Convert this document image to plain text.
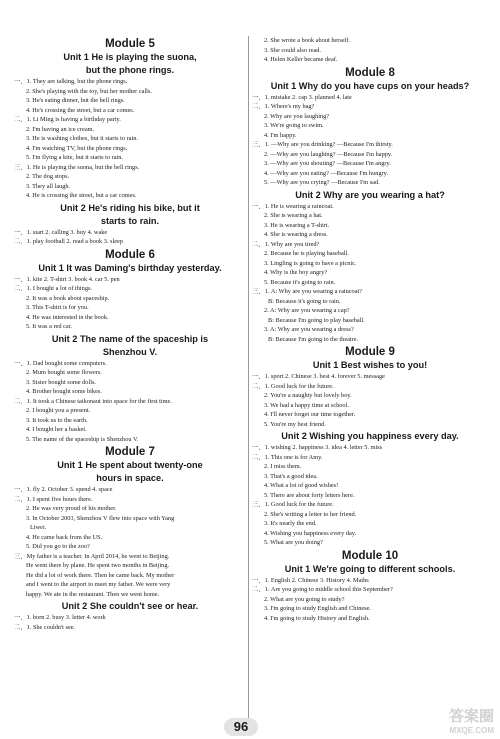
Module 5
Unit 1 He is playing the suona,
but the phone rings.
一、1. They are talking, but the phone rings.
2. She's playing with the toy, but her mother calls.
3. He's eating dinner, but the bell rings.
4. He's crossing the street, but a car comes.
二、1. Li Ming is having a birthday party.
2. I'm having an ice cream.
3. He is washing clothes, but it starts to rain.
4. I'm watching TV, but the phone rings.
5. I'm flying a kite, but it starts to rain.
三、1. He is playing the suona, but the bell rings.
2. The dog stops.
3. They all laugh.
4. He is crossing the street, but a car comes.
Unit 2 He's riding his bike, but it
starts to rain.
一、1. start 2. calling 3. buy 4. wake
二、1. play football 2. read a book 3. sleep
Module 6
Unit 1 It was Daming's birthday yesterday.
一、1. kite 2. T-shirt 3. book 4. car 5. pen
二、1. I bought a lot of things.
2. It was a book about spaceship.
3. This T-shirt is for you.
4. He was interested in the book.
5. It was a red car.
Unit 2 The name of the spaceship is
Shenzhou V.
一、1. Dad bought some computers.
2. Mum bought some flowers.
3. Sister bought some dolls.
4. Brother bought some bikes.
二、1. It took a Chinese taikonaut into space for the first time.
2. I bought you a present.
3. It took us to the earth.
4. I bought her a basket.
5. The name of the spaceship is Shenzhou V.
Module 7
Unit 1 He spent about twenty-one
hours in space.
一、1. fly 2. October 3. spend 4. space
二、1. I spent five hours there.
2. He was very proud of his mother.
3. In October 2003, Shenzhou V flew into space with Yang
Liwei.
4. He came back from the US.
5. Did you go to the zoo?
三、My father is a teacher. In April 2014, he went to Beijing.
He went there by plane. He spent two months in Beijing.
He did a lot of work there. Then he came back. My mother
and I went to the airport to meet my father. We were very
happy. We ate in the restaurant. Then we went home.
Unit 2 She couldn't see or hear.
一、1. born 2. busy 3. letter 4. work
二、1. She couldn't see.
2. She wrote a book about herself.
3. She could also read.
4. Helen Keller became deaf.
Module 8
Unit 1 Why do you have cups on your heads?
一、1. mistake 2. cap 3. planned 4. late
二、1. Where's my bag?
2. Why are you laughing?
3. We're going to swim.
4. I'm happy.
三、1. —Why are you drinking? —Because I'm thirsty.
2. —Why are you laughing? —Because I'm happy.
3. —Why are you shouting? —Because I'm angry.
4. —Why are you eating? —Because I'm hungry.
5. —Why are you crying? —Because I'm sad.
Unit 2 Why are you wearing a hat?
一、1. He is wearing a raincoat.
2. She is wearing a hat.
3. He is wearing a T-shirt.
4. She is wearing a dress.
二、1. Why are you tired?
2. Because he is playing baseball.
3. Lingling is going to have a picnic.
4. Why is the boy angry?
5. Because it's going to rain.
三、1. A: Why are you wearing a raincoat?
B: Because it's going to rain.
2. A: Why are you wearing a cap?
B: Because I'm going to play baseball.
3. A: Why are you wearing a dress?
B: Because I'm going to the theatre.
Module 9
Unit 1 Best wishes to you!
一、1. sport 2. Chinese 3. best 4. forever 5. message
二、1. Good luck for the future.
2. You're a naughty but lovely boy.
3. We had a happy time at school.
4. I'll never forget our time together.
5. You're my best friend.
Unit 2 Wishing you happiness every day.
一、1. wishing 2. happiness 3. idea 4. letter 5. miss
二、1. This one is for Amy.
2. I miss them.
3. That's a good idea.
4. What a lot of good wishes!
5. There are about forty letters here.
三、1. Good luck for the future.
2. She's writing a letter to her friend.
3. It's nearly the end.
4. Wishing you happiness every day.
5. What are you doing?
Module 10
Unit 1 We're going to different schools.
一、1. English 2. Chinese 3. History 4. Maths
二、1. Are you going to middle school this September?
2. What are you going to study?
3. I'm going to study English and Chinese.
4. I'm going to study History and English.
96
答案圈
MXQE.COM
